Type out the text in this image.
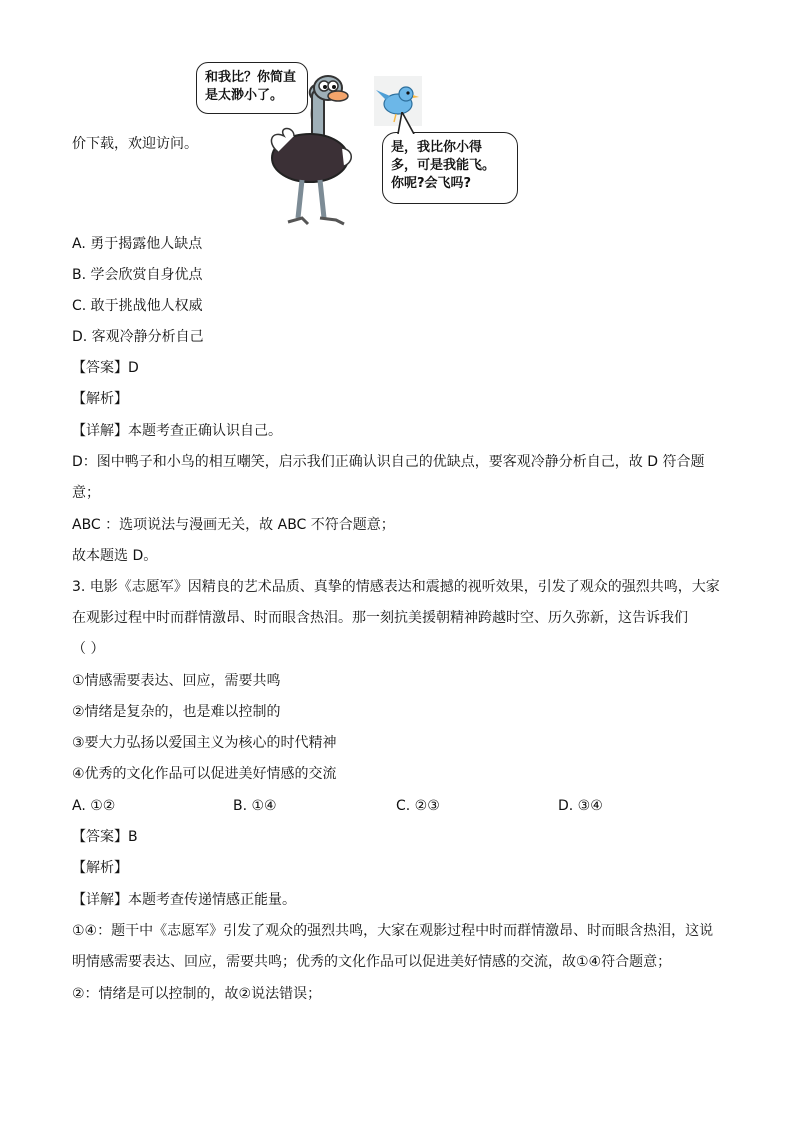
和我比？你简直
是太渺小了。
是，我比你小得
多，可是我能飞。
你呢?会飞吗?
价下载，欢迎访问。
A. 勇于揭露他人缺点
B. 学会欣赏自身优点
C. 敢于挑战他人权威
D. 客观冷静分析自己
【答案】D
【解析】
【详解】本题考查正确认识自己。
D：图中鸭子和小鸟的相互嘲笑，启示我们正确认识自己的优缺点，要客观冷静分析自己，故 D 符合题
意；
ABC ：选项说法与漫画无关，故 ABC 不符合题意；
故本题选 D。
3. 电影《志愿军》因精良的艺术品质、真挚的情感表达和震撼的视听效果，引发了观众的强烈共鸣，大家
在观影过程中时而群情激昂、时而眼含热泪。那一刻抗美援朝精神跨越时空、历久弥新，这告诉我们
（ ）
①情感需要表达、回应，需要共鸣
②情绪是复杂的，也是难以控制的
③要大力弘扬以爱国主义为核心的时代精神
④优秀的文化作品可以促进美好情感的交流
A. ①②	B. ①④	C. ②③	D. ③④
【答案】B
【解析】
【详解】本题考查传递情感正能量。
①④：题干中《志愿军》引发了观众的强烈共鸣，大家在观影过程中时而群情激昂、时而眼含热泪，这说
明情感需要表达、回应，需要共鸣；优秀的文化作品可以促进美好情感的交流，故①④符合题意；
②：情绪是可以控制的，故②说法错误；
